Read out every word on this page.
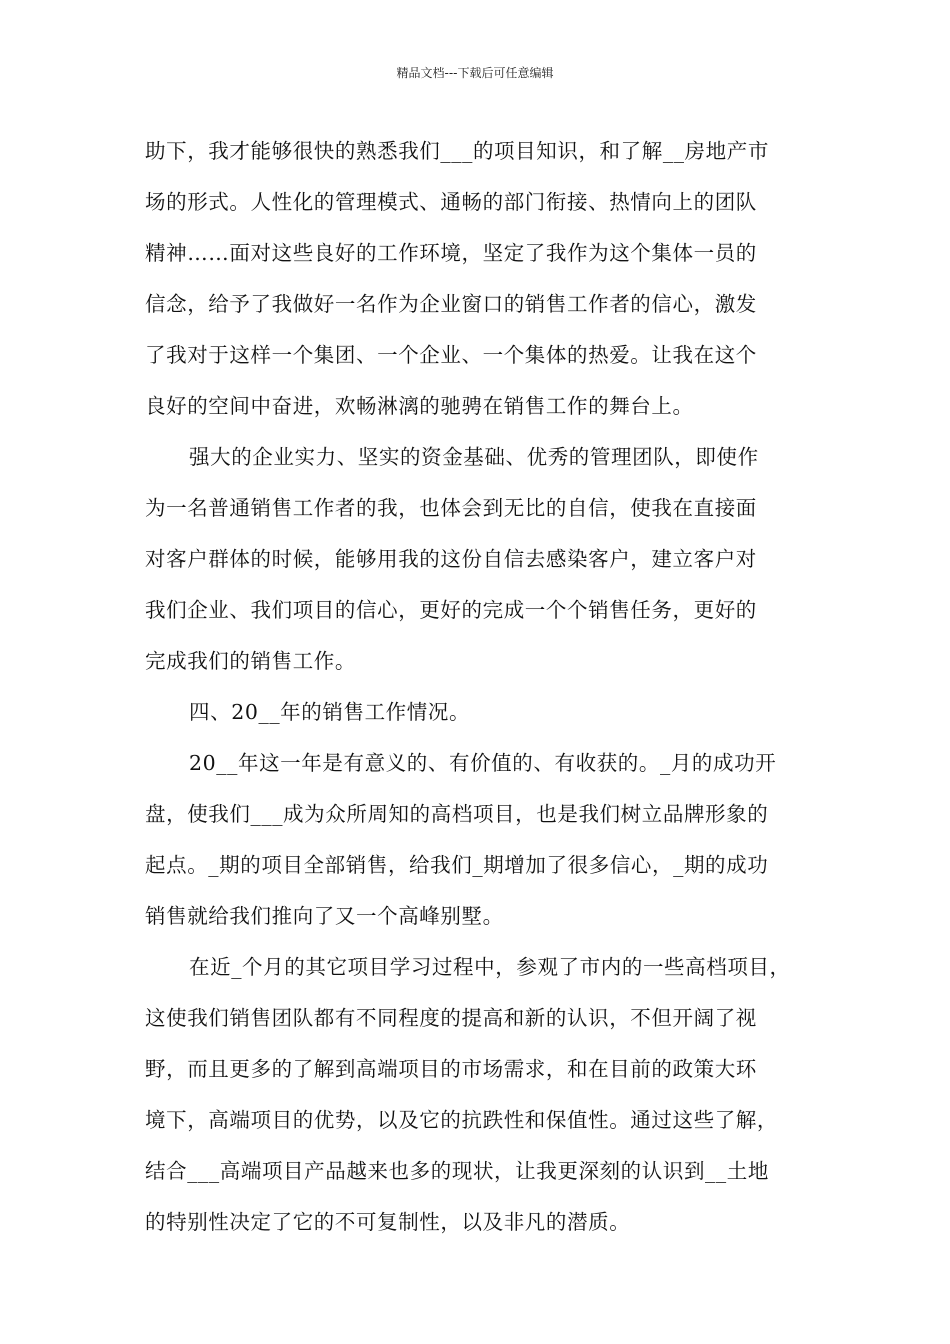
精品文档---下载后可任意编辑
助下，我才能够很快的熟悉我们___的项目知识，和了解__房地产市
场的形式。人性化的管理模式、通畅的部门衔接、热情向上的团队
精神……面对这些良好的工作环境，坚定了我作为这个集体一员的
信念，给予了我做好一名作为企业窗口的销售工作者的信心，激发
了我对于这样一个集团、一个企业、一个集体的热爱。让我在这个
良好的空间中奋进，欢畅淋漓的驰骋在销售工作的舞台上。
强大的企业实力、坚实的资金基础、优秀的管理团队，即使作
为一名普通销售工作者的我，也体会到无比的自信，使我在直接面
对客户群体的时候，能够用我的这份自信去感染客户，建立客户对
我们企业、我们项目的信心，更好的完成一个个销售任务，更好的
完成我们的销售工作。
四、20__年的销售工作情况。
20__年这一年是有意义的、有价值的、有收获的。_月的成功开
盘，使我们___成为众所周知的高档项目，也是我们树立品牌形象的
起点。_期的项目全部销售，给我们_期增加了很多信心，_期的成功
销售就给我们推向了又一个高峰别墅。
在近_个月的其它项目学习过程中，参观了市内的一些高档项目，
这使我们销售团队都有不同程度的提高和新的认识，不但开阔了视
野，而且更多的了解到高端项目的市场需求，和在目前的政策大环
境下，高端项目的优势，以及它的抗跌性和保值性。通过这些了解，
结合___高端项目产品越来也多的现状，让我更深刻的认识到__土地
的特别性决定了它的不可复制性，以及非凡的潜质。
